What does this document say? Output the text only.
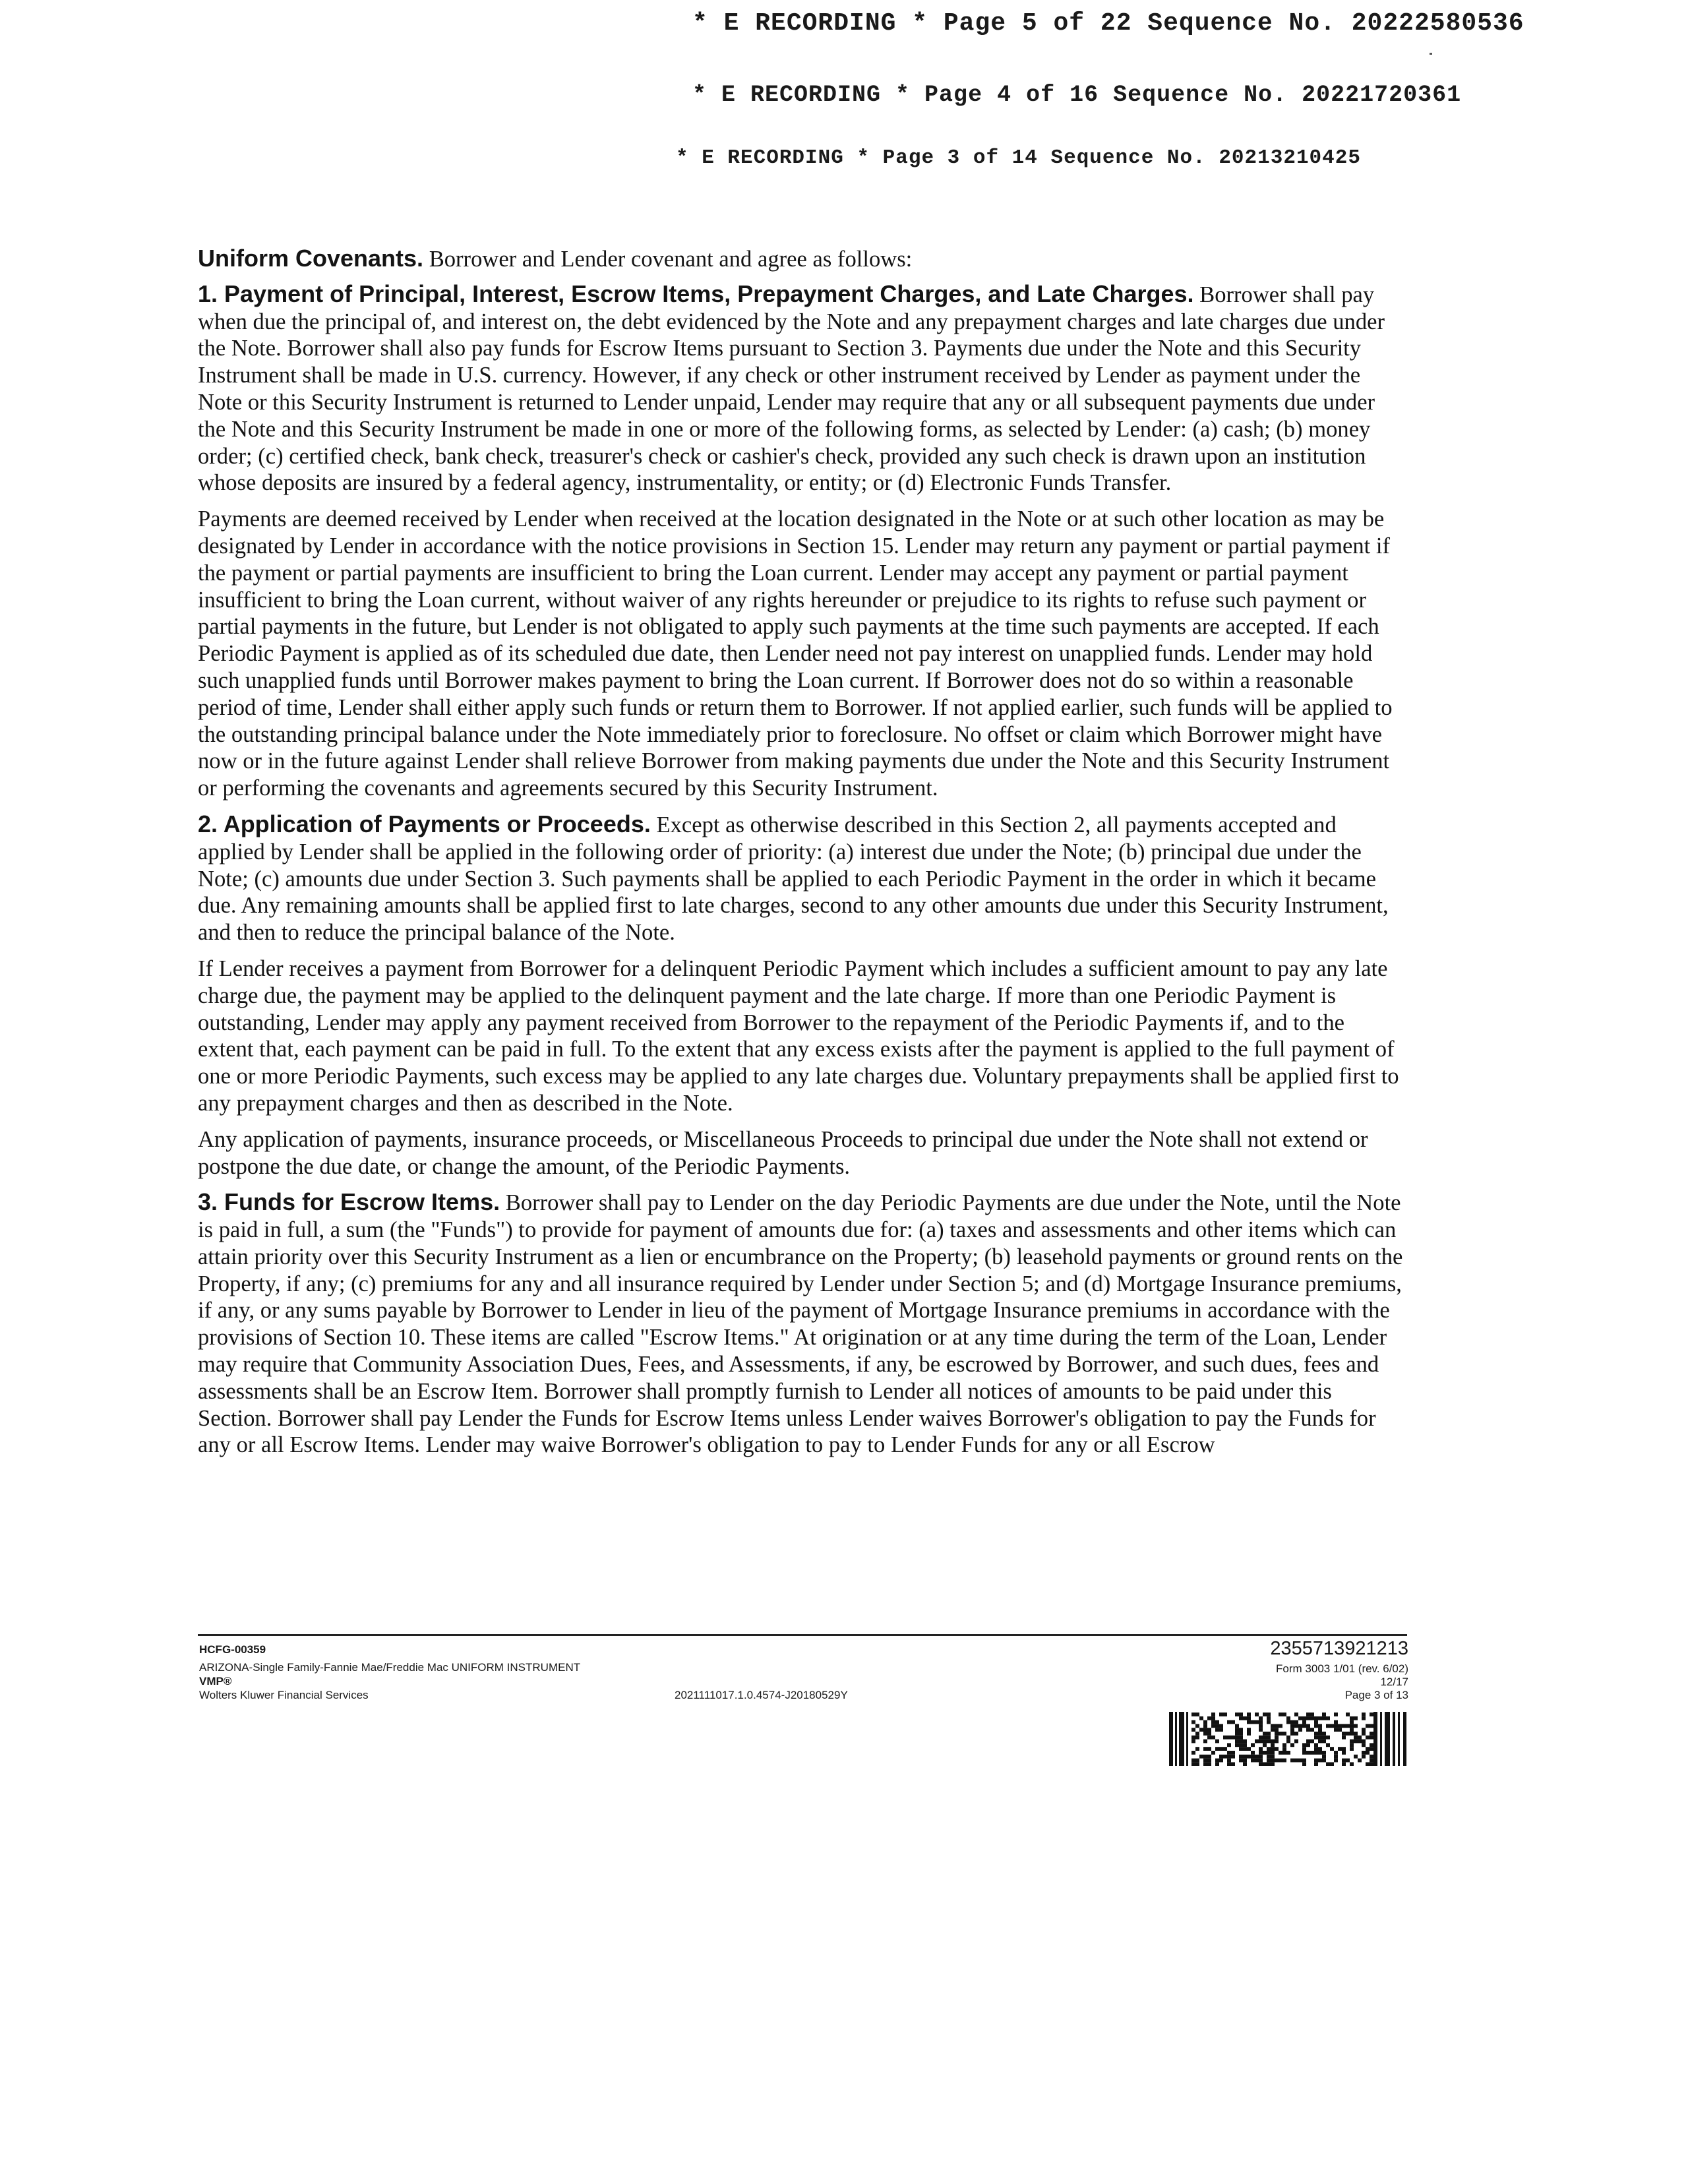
* E RECORDING * Page 5 of 22 Sequence No. 20222580536
* E RECORDING * Page 4 of 16 Sequence No. 20221720361
* E RECORDING * Page 3 of 14 Sequence No. 20213210425

Uniform Covenants. Borrower and Lender covenant and agree as follows:

1. Payment of Principal, Interest, Escrow Items, Prepayment Charges, and Late Charges. Borrower shall pay when due the principal of, and interest on, the debt evidenced by the Note and any prepayment charges and late charges due under the Note. Borrower shall also pay funds for Escrow Items pursuant to Section 3. Payments due under the Note and this Security Instrument shall be made in U.S. currency. However, if any check or other instrument received by Lender as payment under the Note or this Security Instrument is returned to Lender unpaid, Lender may require that any or all subsequent payments due under the Note and this Security Instrument be made in one or more of the following forms, as selected by Lender: (a) cash; (b) money order; (c) certified check, bank check, treasurer's check or cashier's check, provided any such check is drawn upon an institution whose deposits are insured by a federal agency, instrumentality, or entity; or (d) Electronic Funds Transfer.

Payments are deemed received by Lender when received at the location designated in the Note or at such other location as may be designated by Lender in accordance with the notice provisions in Section 15. Lender may return any payment or partial payment if the payment or partial payments are insufficient to bring the Loan current. Lender may accept any payment or partial payment insufficient to bring the Loan current, without waiver of any rights hereunder or prejudice to its rights to refuse such payment or partial payments in the future, but Lender is not obligated to apply such payments at the time such payments are accepted. If each Periodic Payment is applied as of its scheduled due date, then Lender need not pay interest on unapplied funds. Lender may hold such unapplied funds until Borrower makes payment to bring the Loan current. If Borrower does not do so within a reasonable period of time, Lender shall either apply such funds or return them to Borrower. If not applied earlier, such funds will be applied to the outstanding principal balance under the Note immediately prior to foreclosure. No offset or claim which Borrower might have now or in the future against Lender shall relieve Borrower from making payments due under the Note and this Security Instrument or performing the covenants and agreements secured by this Security Instrument.

2. Application of Payments or Proceeds. Except as otherwise described in this Section 2, all payments accepted and applied by Lender shall be applied in the following order of priority: (a) interest due under the Note; (b) principal due under the Note; (c) amounts due under Section 3. Such payments shall be applied to each Periodic Payment in the order in which it became due. Any remaining amounts shall be applied first to late charges, second to any other amounts due under this Security Instrument, and then to reduce the principal balance of the Note.

If Lender receives a payment from Borrower for a delinquent Periodic Payment which includes a sufficient amount to pay any late charge due, the payment may be applied to the delinquent payment and the late charge. If more than one Periodic Payment is outstanding, Lender may apply any payment received from Borrower to the repayment of the Periodic Payments if, and to the extent that, each payment can be paid in full. To the extent that any excess exists after the payment is applied to the full payment of one or more Periodic Payments, such excess may be applied to any late charges due. Voluntary prepayments shall be applied first to any prepayment charges and then as described in the Note.

Any application of payments, insurance proceeds, or Miscellaneous Proceeds to principal due under the Note shall not extend or postpone the due date, or change the amount, of the Periodic Payments.

3. Funds for Escrow Items. Borrower shall pay to Lender on the day Periodic Payments are due under the Note, until the Note is paid in full, a sum (the "Funds") to provide for payment of amounts due for: (a) taxes and assessments and other items which can attain priority over this Security Instrument as a lien or encumbrance on the Property; (b) leasehold payments or ground rents on the Property, if any; (c) premiums for any and all insurance required by Lender under Section 5; and (d) Mortgage Insurance premiums, if any, or any sums payable by Borrower to Lender in lieu of the payment of Mortgage Insurance premiums in accordance with the provisions of Section 10. These items are called "Escrow Items." At origination or at any time during the term of the Loan, Lender may require that Community Association Dues, Fees, and Assessments, if any, be escrowed by Borrower, and such dues, fees and assessments shall be an Escrow Item. Borrower shall promptly furnish to Lender all notices of amounts to be paid under this Section. Borrower shall pay Lender the Funds for Escrow Items unless Lender waives Borrower's obligation to pay the Funds for any or all Escrow Items. Lender may waive Borrower's obligation to pay to Lender Funds for any or all Escrow

HCFG-00359
ARIZONA-Single Family-Fannie Mae/Freddie Mac UNIFORM INSTRUMENT
VMP®
Wolters Kluwer Financial Services	2021111017.1.0.4574-J20180529Y
2355713921213
Form 3003 1/01 (rev. 6/02)
12/17
Page 3 of 13
